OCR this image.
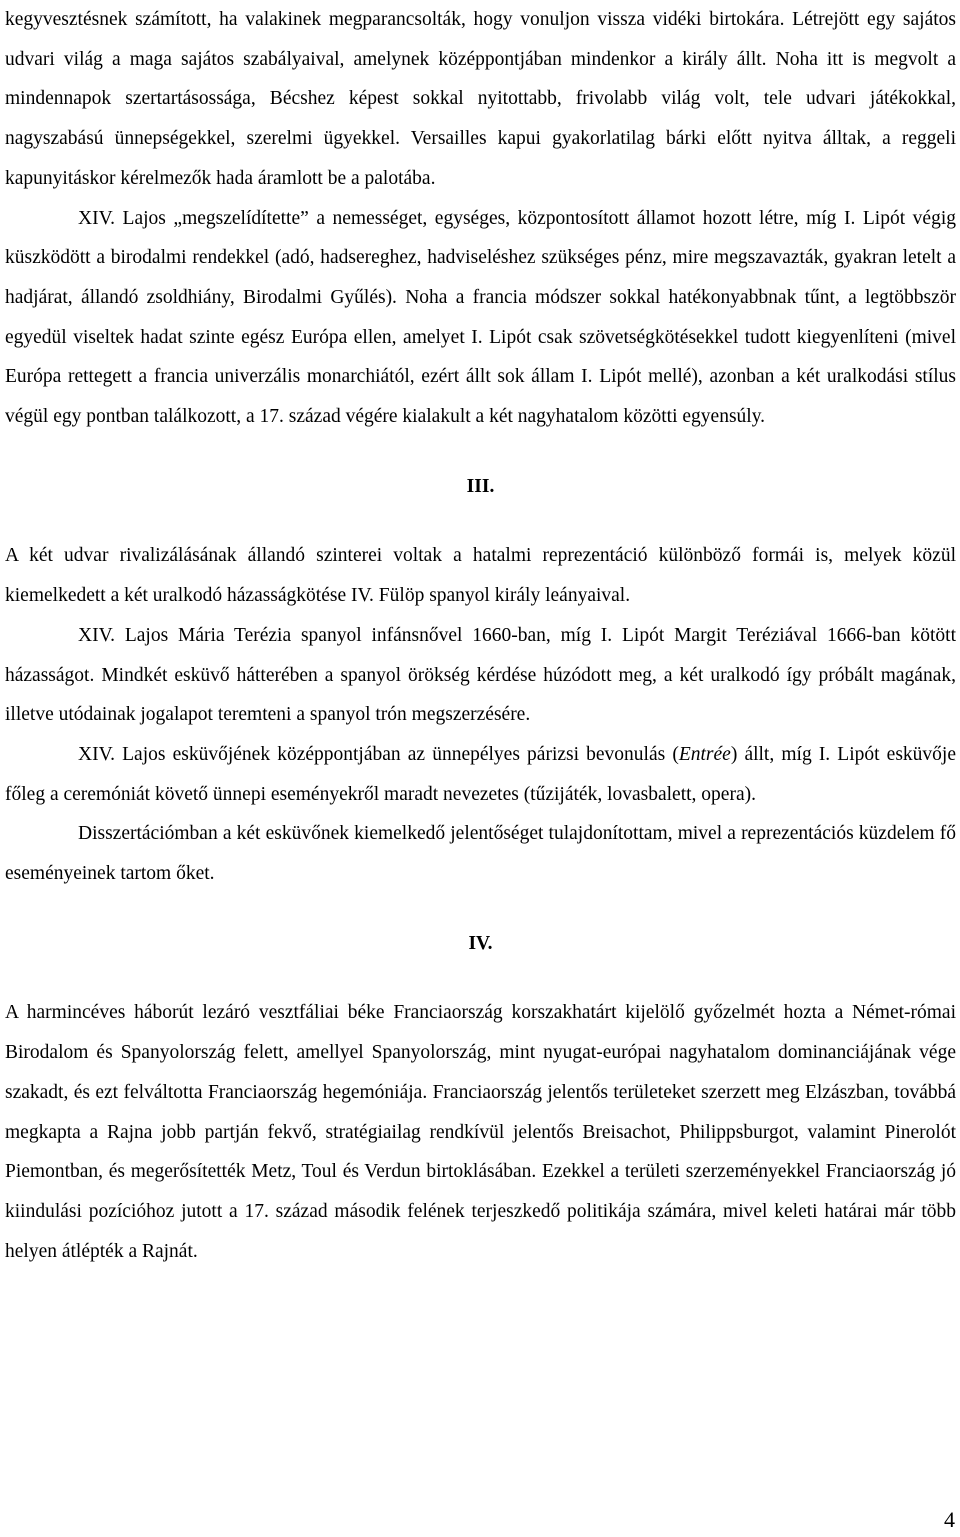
kegyvesztésnek számított, ha valakinek megparancsolták, hogy vonuljon vissza vidéki birtokára. Létrejött egy sajátos udvari világ a maga sajátos szabályaival, amelynek középpontjában mindenkor a király állt. Noha itt is megvolt a mindennapok szertartásossága, Bécshez képest sokkal nyitottabb, frivolabb világ volt, tele udvari játékokkal, nagyszabású ünnepségekkel, szerelmi ügyekkel. Versailles kapui gyakorlatilag bárki előtt nyitva álltak, a reggeli kapunyitáskor kérelmezők hada áramlott be a palotába.

XIV. Lajos „megszelídítette” a nemességet, egységes, központosított államot hozott létre, míg I. Lipót végig küszködött a birodalmi rendekkel (adó, hadsereghez, hadviseléshez szükséges pénz, mire megszavazták, gyakran letelt a hadjárat, állandó zsoldhiány, Birodalmi Gyűlés). Noha a francia módszer sokkal hatékonyabbnak tűnt, a legtöbbször egyedül viseltek hadat szinte egész Európa ellen, amelyet I. Lipót csak szövetségkötésekkel tudott kiegyenlíteni (mivel Európa rettegett a francia univerzális monarchiától, ezért állt sok állam I. Lipót mellé), azonban a két uralkodási stílus végül egy pontban találkozott, a 17. század végére kialakult a két nagyhatalom közötti egyensúly.

III.

A két udvar rivalizálásának állandó szinterei voltak a hatalmi reprezentáció különböző formái is, melyek közül kiemelkedett a két uralkodó házasságkötése IV. Fülöp spanyol király leányaival.

XIV. Lajos Mária Terézia spanyol infánsnővel 1660-ban, míg I. Lipót Margit Teréziával 1666-ban kötött házasságot. Mindkét esküvő hátterében a spanyol örökség kérdése húzódott meg, a két uralkodó így próbált magának, illetve utódainak jogalapot teremteni a spanyol trón megszerzésére.

XIV. Lajos esküvőjének középpontjában az ünnepélyes párizsi bevonulás (Entrée) állt, míg I. Lipót esküvője főleg a ceremóniát követő ünnepi eseményekről maradt nevezetes (tűzijáték, lovasbalett, opera).

Disszertációmban a két esküvőnek kiemelkedő jelentőséget tulajdonítottam, mivel a reprezentációs küzdelem fő eseményeinek tartom őket.

IV.

A harmincéves háborút lezáró vesztfáliai béke Franciaország korszakhatárt kijelölő győzelmét hozta a Német-római Birodalom és Spanyolország felett, amellyel Spanyolország, mint nyugat-európai nagyhatalom dominanciájának vége szakadt, és ezt felváltotta Franciaország hegemóniája. Franciaország jelentős területeket szerzett meg Elzászban, továbbá megkapta a Rajna jobb partján fekvő, stratégiailag rendkívül jelentős Breisachot, Philippsburgot, valamint Pinerolót Piemontban, és megerősítették Metz, Toul és Verdun birtoklásában. Ezekkel a területi szerzeményekkel Franciaország jó kiindulási pozícióhoz jutott a 17. század második felének terjeszkedő politikája számára, mivel keleti határai már több helyen átlépték a Rajnát.

4
